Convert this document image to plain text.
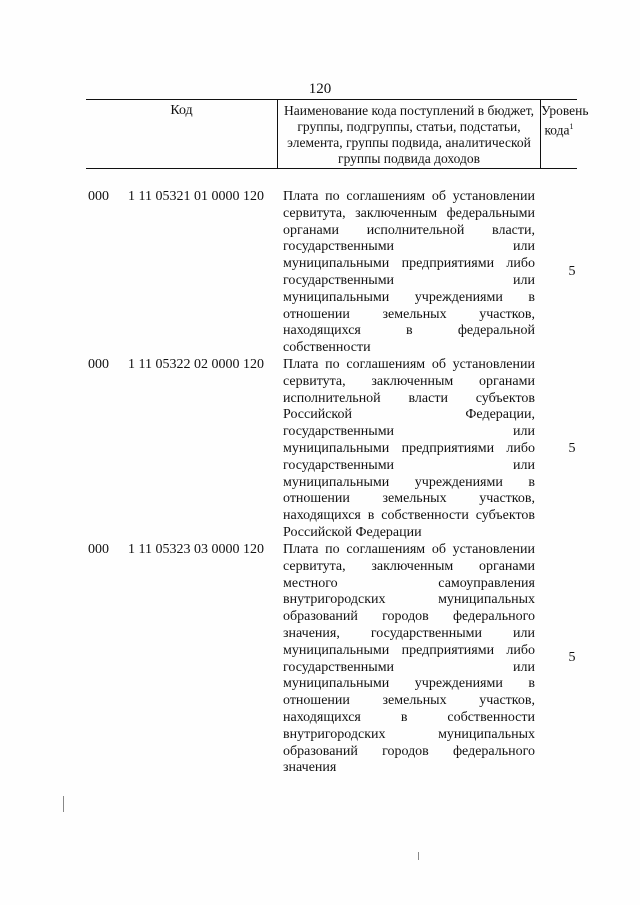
120
Код	Наименование кода поступлений в бюджет, группы, подгруппы, статьи, подстатьи, элемента, группы подвида, аналитической группы подвида доходов
Уровень кода$^1$
000 1 11 05321 01 0000 120 Плата по соглашениям об установлении
сервитута, заключенным федеральными
органами исполнительной власти,
государственными или
муниципальными предприятиями либо
государственными или
муниципальными учреждениями в
отношении земельных участков,
находящихся в федеральной
собственности
5
000 1 11 05322 02 0000 120 Плата по соглашениям об установлении
сервитута, заключенным органами
исполнительной власти субъектов
Российской Федерации,
государственными или
муниципальными предприятиями либо
государственными или
муниципальными учреждениями в
отношении земельных участков,
находящихся в собственности субъектов
Российской Федерации
5
000 1 11 05323 03 0000 120 Плата по соглашениям об установлении
сервитута, заключенным органами
местного самоуправления
внутригородских муниципальных
образований городов федерального
значения, государственными или
муниципальными предприятиями либо
государственными или
муниципальными учреждениями в
отношении земельных участков,
находящихся в собственности
внутригородских муниципальных
образований городов федерального
значения
5
